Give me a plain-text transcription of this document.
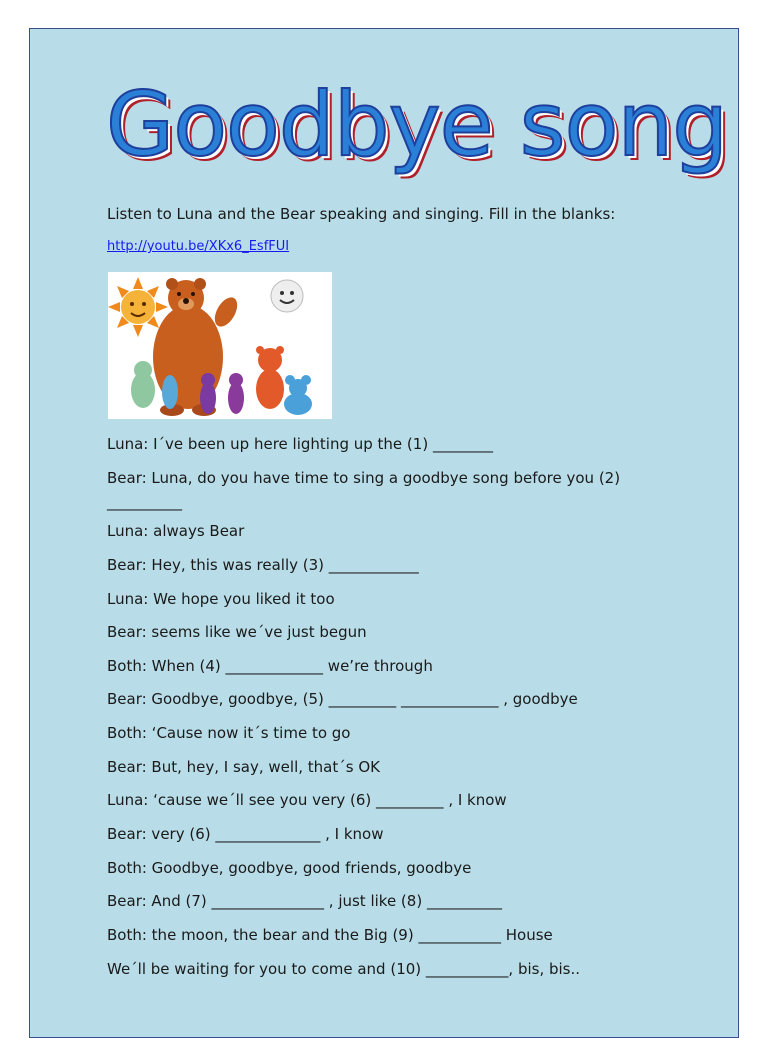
Goodbye song

Listen to Luna and the Bear speaking and singing. Fill in the blanks:

http://youtu.be/XKx6_EsfFUI

Luna: I´ve been up here lighting up the (1) ________

Bear: Luna, do you have time to sing a goodbye song before you (2)

__________

Luna: always Bear

Bear: Hey, this was really (3) ____________

Luna: We hope you liked it too

Bear: seems like we´ve just begun

Both: When (4) _____________ we’re through

Bear: Goodbye, goodbye, (5) _________ _____________ , goodbye

Both: ‘Cause now it´s time to go

Bear: But, hey, I say, well, that´s OK

Luna: ‘cause we´ll see you very (6) _________ , I know

Bear: very (6) ______________ , I know

Both: Goodbye, goodbye, good friends, goodbye

Bear: And (7) _______________ , just like (8) __________

Both: the moon, the bear and the Big (9) ___________ House

We´ll be waiting for you to come and (10) ___________, bis, bis..
